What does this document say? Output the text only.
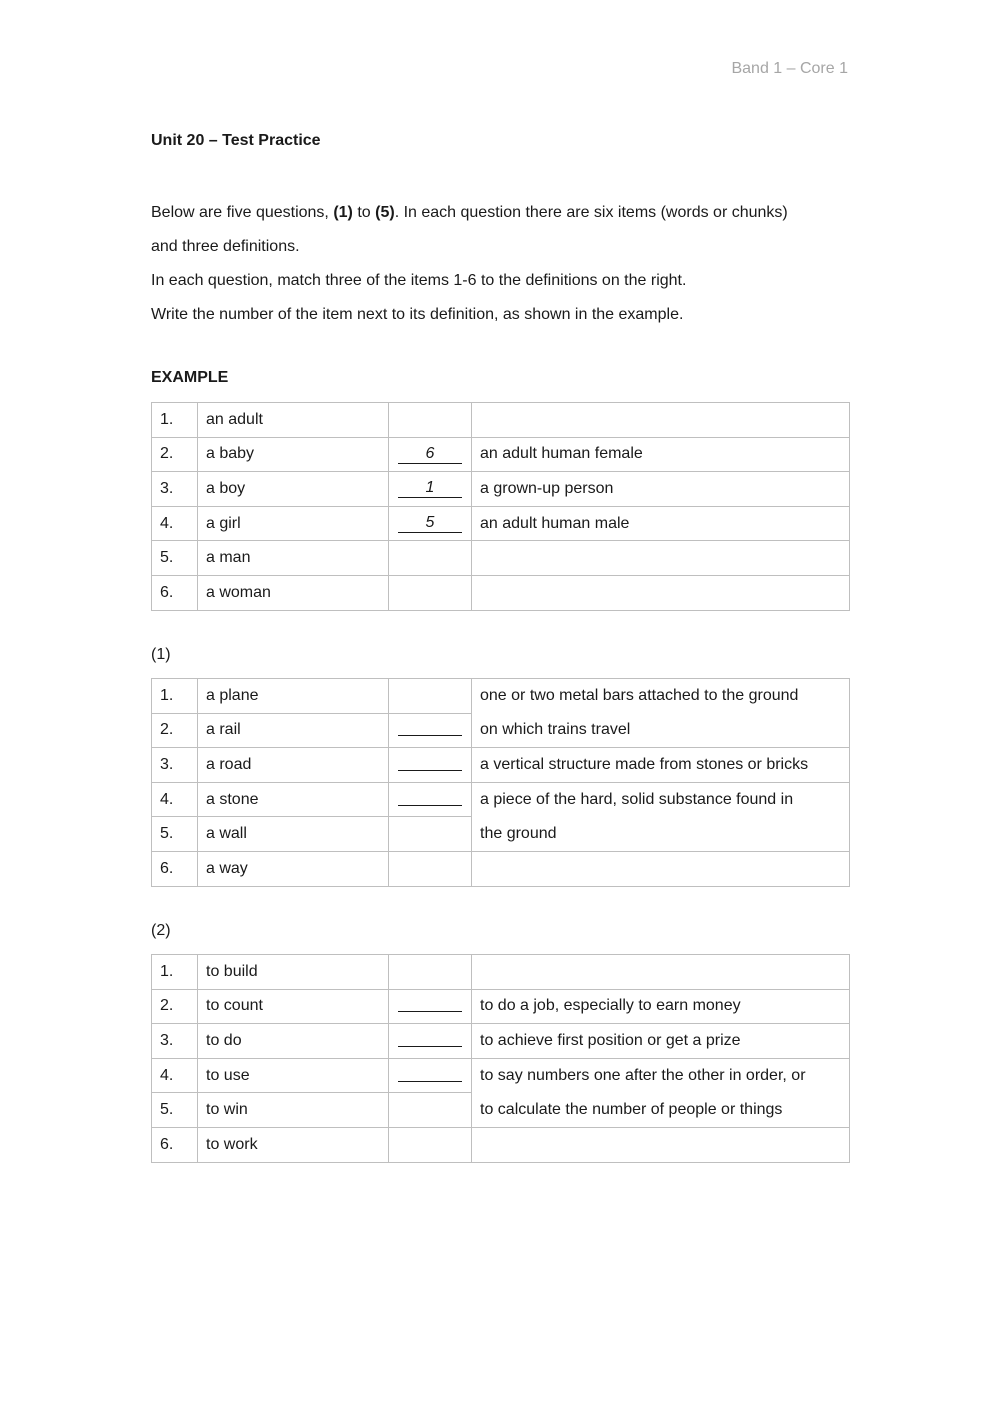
Band 1 – Core 1
Unit 20 – Test Practice

Below are five questions, (1) to (5). In each question there are six items (words or chunks)

and three definitions.

In each question, match three of the items 1-6 to the definitions on the right.

Write the number of the item next to its definition, as shown in the example.

EXAMPLE
1.	an adult		
2.	a baby	6	an adult human female
3.	a boy	1	a grown-up person
4.	a girl	5	an adult human male
5.	a man		
6.	a woman		
(1)
1.	a plane		one or two metal bars attached to the ground
on which trains travel

2.	a rail		
3.	a road		a vertical structure made from stones or bricks
4.	a stone		a piece of the hard, solid substance found in
the ground

5.	a wall		
6.	a way		
(2)
1.	to build		
2.	to count		to do a job, especially to earn money
3.	to do		to achieve first position or get a prize
4.	to use		to say numbers one after the other in order, or
to calculate the number of people or things

5.	to win		
6.	to work		
